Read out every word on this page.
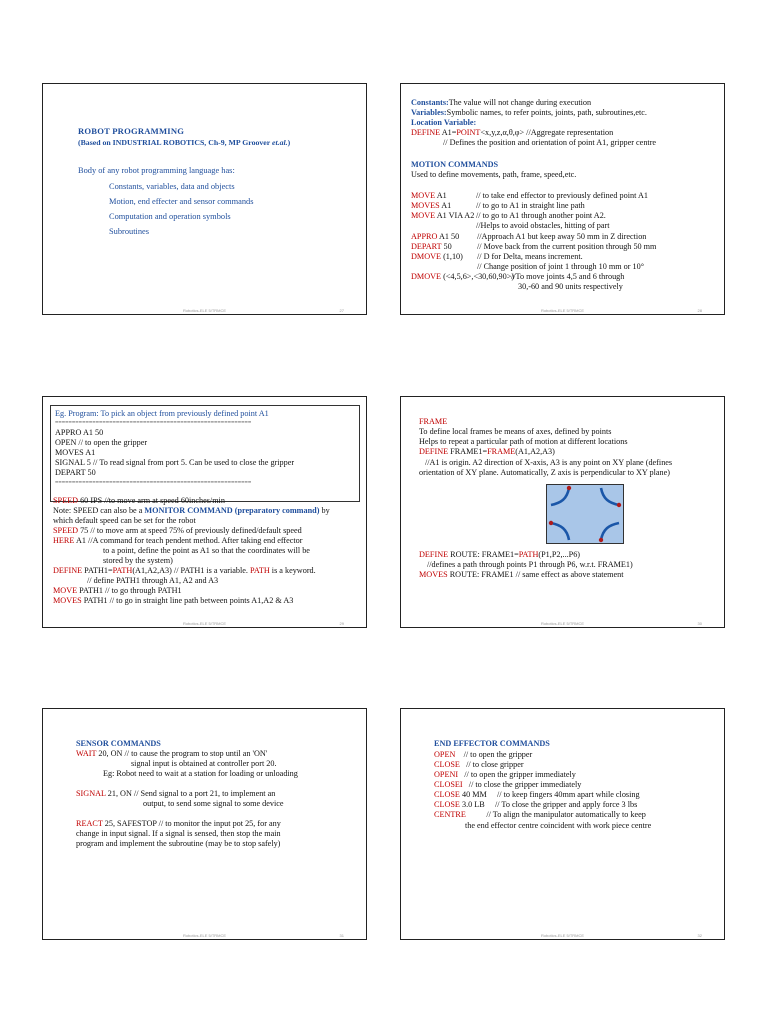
ROBOT PROGRAMMING
(Based on INDUSTRIAL ROBOTICS, Ch-9, MP Groover et.al.)
Body of any robot programming language has:
Constants, variables, data and objects
Motion, end effecter and sensor commands
Computation and operation symbols
Subroutines
Robotics-ELE 5/TRMCE	27
Constants:The value will not change during execution
Variables:Symbolic names, to refer points, joints, path, subroutines,etc.
Location Variable:
DEFINE A1=POINT<x,y,z,α,θ,φ> //Aggregate representation
// Defines the position and orientation of point A1, gripper centre
MOTION COMMANDS
Used to define movements, path, frame, speed,etc.
MOVE A1	// to take end effector to previously defined point A1
MOVES A1	// to go to A1 in straight line path
MOVE A1 VIA A2 // to go to A1 through another point A2.
//Helps to avoid obstacles, hitting of part
APPRO A1 50 //Approach A1 but keep away 50 mm in Z direction
DEPART 50	// Move back from the current position through 50 mm
DMOVE (1,10) // D for Delta, means increment.
// Change position of joint 1 through 10 mm or 10°
DMOVE (<4,5,6>,<30,60,90>)
//To move joints 4,5 and 6 through
30,-60 and 90 units respectively
Robotics-ELE 5/TRMCE	28
Eg. Program: To pick an object from previously defined point A1
==========================================================
APPRO A1 50
OPEN // to open the gripper
MOVES A1
SIGNAL 5 // To read signal from port 5. Can be used to close the gripper
DEPART 50
==========================================================
SPEED 60 IPS //to move arm at speed 60inches/min
Note: SPEED can also be a MONITOR COMMAND (preparatory command) by
which default speed can be set for the robot
SPEED 75 // to move arm at speed 75% of previously defined/default speed
HERE A1 //A command for teach pendent method. After taking end effector
to a point, define the point as A1 so that the coordinates will be
stored by the system)
DEFINE PATH1=PATH(A1,A2,A3) // PATH1 is a variable. PATH is a keyword.
// define PATH1 through A1, A2 and A3
MOVE PATH1 // to go through PATH1
MOVES PATH1 // to go in straight line path between points A1,A2 & A3
Robotics-ELE 5/TRMCE	29
FRAME
To define local frames be means of axes, defined by points
Helps to repeat a particular path of motion at different locations
DEFINE FRAME1=FRAME(A1,A2,A3)
//A1 is origin. A2 direction of X-axis, A3 is any point on XY plane (defines
orientation of XY plane. Automatically, Z axis is perpendicular to XY plane)
DEFINE ROUTE: FRAME1=PATH(P1,P2,...P6)
//defines a path through points P1 through P6, w.r.t. FRAME1)
MOVES ROUTE: FRAME1 // same effect as above statement
Robotics-ELE 5/TRMCE	30
SENSOR COMMANDS
WAIT 20, ON // to cause the program to stop until an 'ON'
signal input is obtained at controller port 20.
Eg: Robot need to wait at a station for loading or unloading
SIGNAL 21, ON // Send signal to a port 21, to implement an
output, to send some signal to some device
REACT 25, SAFESTOP // to monitor the input pot 25, for any
change in input signal. If a signal is sensed, then stop the main
program and implement the subroutine (may be to stop safely)
Robotics-ELE 5/TRMCE	31
END EFFECTOR COMMANDS
OPEN    // to open the gripper
CLOSE   // to close gripper
OPENI   // to open the gripper immediately
CLOSEI   // to close the gripper immediately
CLOSE 40 MM     // to keep fingers 40mm apart while closing
CLOSE 3.0 LB     // To close the gripper and apply force 3 lbs
CENTRE          // To align the manipulator automatically to keep
the end effector centre coincident with work piece centre
Robotics-ELE 5/TRMCE	32
